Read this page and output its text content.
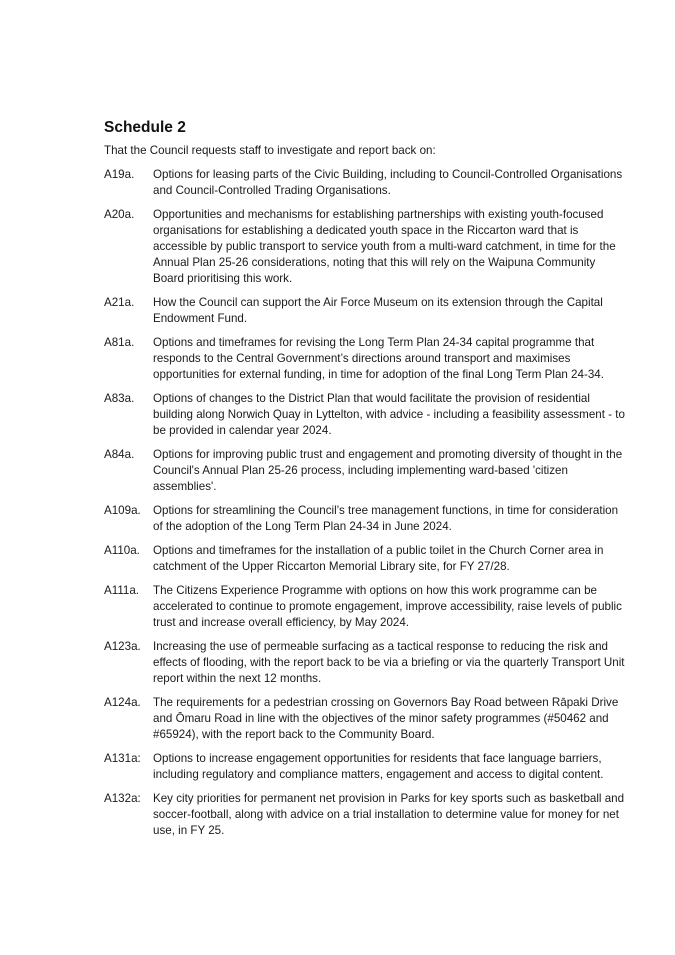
Schedule 2

That the Council requests staff to investigate and report back on:

A19a.	Options for leasing parts of the Civic Building, including to Council-Controlled Organisations and Council-Controlled Trading Organisations.
A20a.	Opportunities and mechanisms for establishing partnerships with existing youth-focused organisations for establishing a dedicated youth space in the Riccarton ward that is accessible by public transport to service youth from a multi-ward catchment, in time for the Annual Plan 25-26 considerations, noting that this will rely on the Waipuna Community Board prioritising this work.
A21a.	How the Council can support the Air Force Museum on its extension through the Capital Endowment Fund.
A81a.	Options and timeframes for revising the Long Term Plan 24-34 capital programme that responds to the Central Government’s directions around transport and maximises opportunities for external funding, in time for adoption of the final Long Term Plan 24-34.
A83a.	Options of changes to the District Plan that would facilitate the provision of residential building along Norwich Quay in Lyttelton, with advice - including a feasibility assessment - to be provided in calendar year 2024.
A84a.	Options for improving public trust and engagement and promoting diversity of thought in the Council's Annual Plan 25-26 process, including implementing ward-based 'citizen assemblies'.
A109a.	Options for streamlining the Council’s tree management functions, in time for consideration of the adoption of the Long Term Plan 24-34 in June 2024.
A110a.	Options and timeframes for the installation of a public toilet in the Church Corner area in catchment of the Upper Riccarton Memorial Library site, for FY 27/28.
A111a.	The Citizens Experience Programme with options on how this work programme can be accelerated to continue to promote engagement, improve accessibility, raise levels of public trust and increase overall efficiency, by May 2024.
A123a.	Increasing the use of permeable surfacing as a tactical response to reducing the risk and effects of flooding, with the report back to be via a briefing or via the quarterly Transport Unit report within the next 12 months.
A124a.	The requirements for a pedestrian crossing on Governors Bay Road between Rāpaki Drive and Ōmaru Road in line with the objectives of the minor safety programmes (#50462 and #65924), with the report back to the Community Board.
A131a:	Options to increase engagement opportunities for residents that face language barriers, including regulatory and compliance matters, engagement and access to digital content.
A132a:	Key city priorities for permanent net provision in Parks for key sports such as basketball and soccer-football, along with advice on a trial installation to determine value for money for net use, in FY 25.
